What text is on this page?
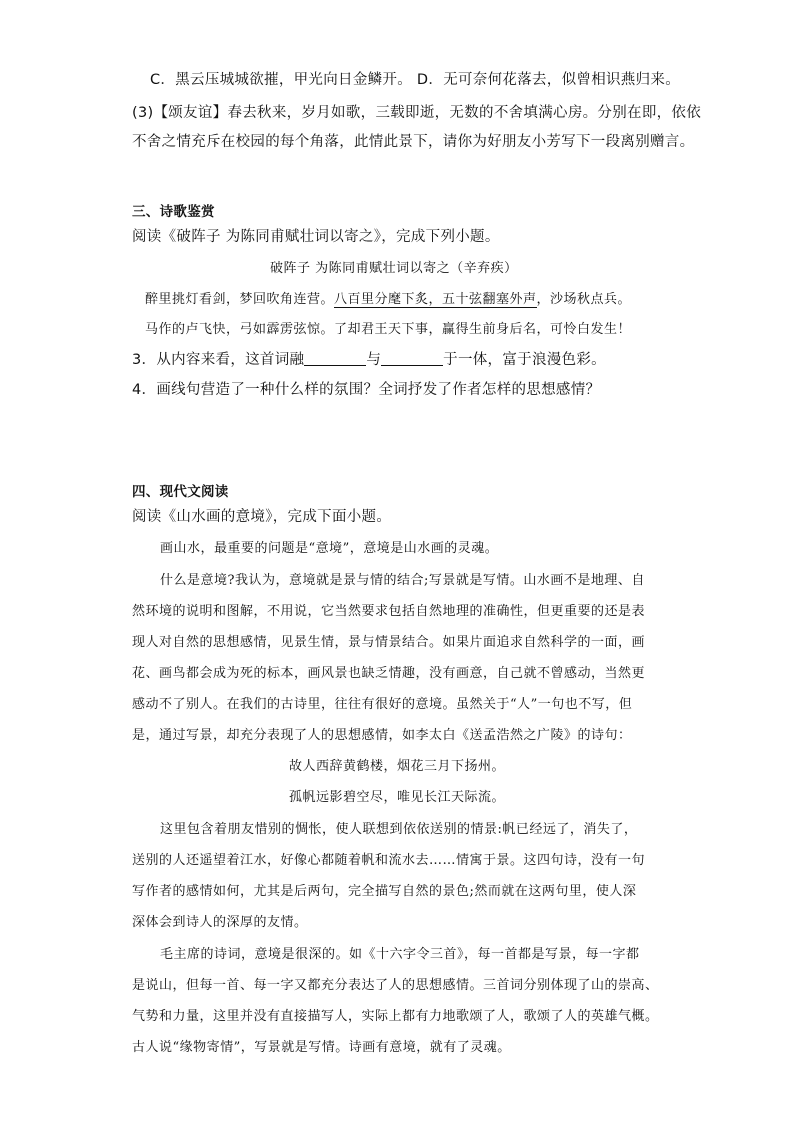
C．黑云压城城欲摧，甲光向日金鳞开。 D．无可奈何花落去，似曾相识燕归来。
(3)【颂友谊】春去秋来，岁月如歌，三载即逝，无数的不舍填满心房。分别在即，依依
不舍之情充斥在校园的每个角落，此情此景下，请你为好朋友小芳写下一段离别赠言。
三、诗歌鉴赏
阅读《破阵子 为陈同甫赋壮词以寄之》，完成下列小题。
破阵子 为陈同甫赋壮词以寄之（辛弃疾）
醉里挑灯看剑，梦回吹角连营。八百里分麾下炙，五十弦翻塞外声，沙场秋点兵。
马作的卢飞快，弓如霹雳弦惊。了却君王天下事，赢得生前身后名，可怜白发生！
3．从内容来看，这首词融	与	于一体，富于浪漫色彩。
4．画线句营造了一种什么样的氛围？全词抒发了作者怎样的思想感情？
四、现代文阅读
阅读《山水画的意境》，完成下面小题。
画山水，最重要的问题是“意境”，意境是山水画的灵魂。
什么是意境?我认为，意境就是景与情的结合;写景就是写情。山水画不是地理、自
然环境的说明和图解，不用说，它当然要求包括自然地理的准确性，但更重要的还是表
现人对自然的思想感情，见景生情，景与情景结合。如果片面追求自然科学的一面，画
花、画鸟都会成为死的标本，画风景也缺乏情趣，没有画意，自己就不曾感动，当然更
感动不了别人。在我们的古诗里，往往有很好的意境。虽然关于“人”一句也不写，但
是，通过写景，却充分表现了人的思想感情，如李太白《送孟浩然之广陵》的诗句：
故人西辞黄鹤楼，烟花三月下扬州。
孤帆远影碧空尽，唯见长江天际流。
这里包含着朋友惜别的惆怅，使人联想到依依送别的情景:帆已经远了，消失了，
送别的人还遥望着江水，好像心都随着帆和流水去……情寓于景。这四句诗，没有一句
写作者的感情如何，尤其是后两句，完全描写自然的景色;然而就在这两句里，使人深
深体会到诗人的深厚的友情。
毛主席的诗词，意境是很深的。如《十六字令三首》，每一首都是写景，每一字都
是说山，但每一首、每一字又都充分表达了人的思想感情。三首词分别体现了山的崇高、
气势和力量，这里并没有直接描写人，实际上都有力地歌颂了人，歌颂了人的英雄气概。
古人说“缘物寄情”，写景就是写情。诗画有意境，就有了灵魂。
